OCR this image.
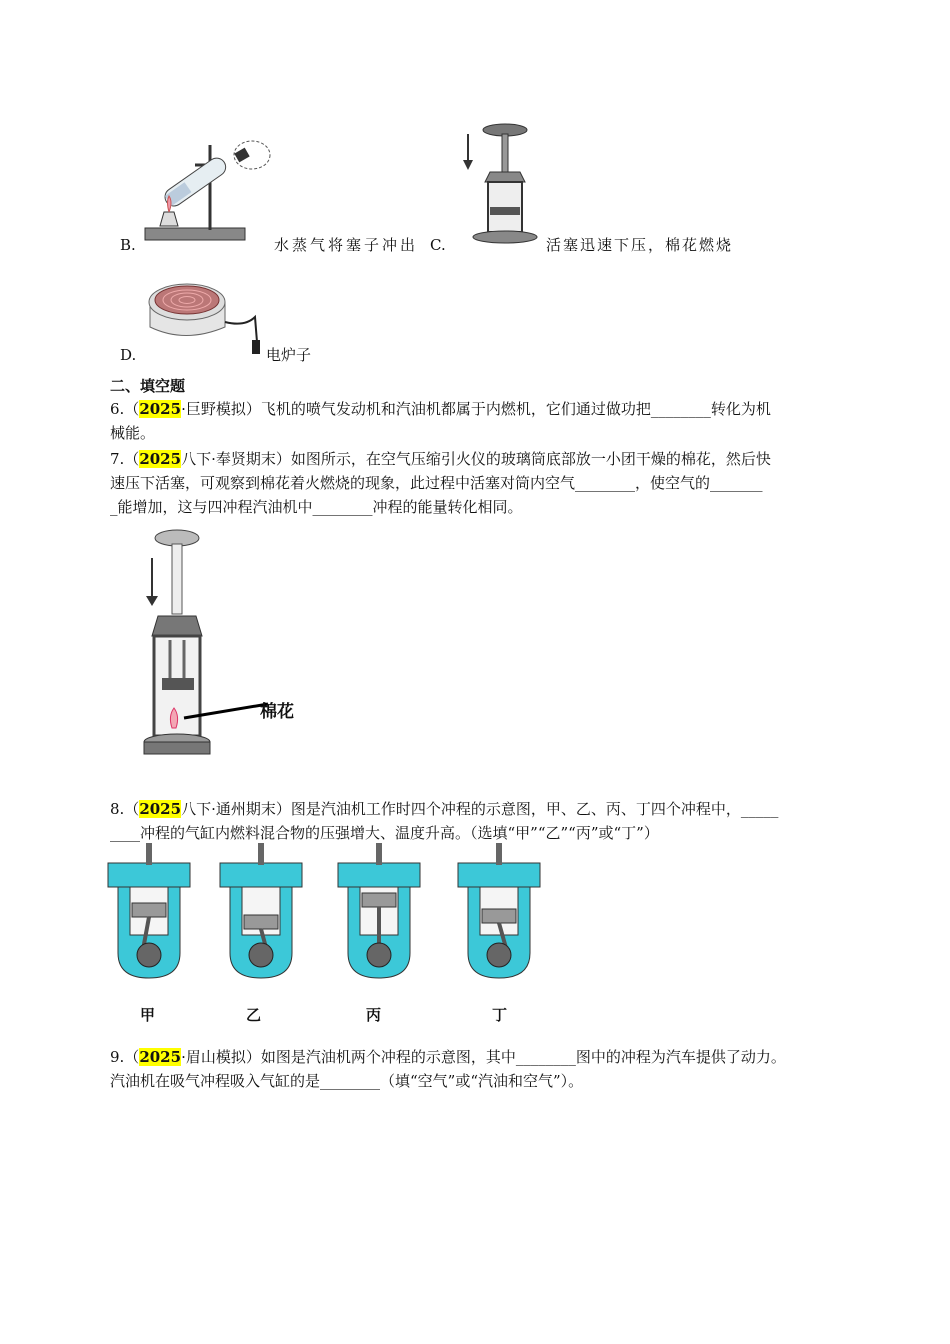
B.	水蒸气将塞子冲出 C.	活塞迅速下压，棉花燃烧
D.	电炉子
二、填空题
6.（2025·巨野模拟）飞机的喷气发动机和汽油机都属于内燃机，它们通过做功把________转化为机
械能。
7.（2025八下·奉贤期末）如图所示，在空气压缩引火仪的玻璃筒底部放一小团干燥的棉花，然后快
速压下活塞，可观察到棉花着火燃烧的现象，此过程中活塞对筒内空气________，使空气的_______
_能增加，这与四冲程汽油机中________冲程的能量转化相同。
棉花
8.（2025八下·通州期末）图是汽油机工作时四个冲程的示意图，甲、乙、丙、丁四个冲程中，_____
____冲程的气缸内燃料混合物的压强增大、温度升高。（选填“甲”“乙”“丙”或“丁”）
甲	乙	丙	丁
9.（2025·眉山模拟）如图是汽油机两个冲程的示意图，其中________图中的冲程为汽车提供了动力。
汽油机在吸气冲程吸入气缸的是________（填“空气”或“汽油和空气”）。
